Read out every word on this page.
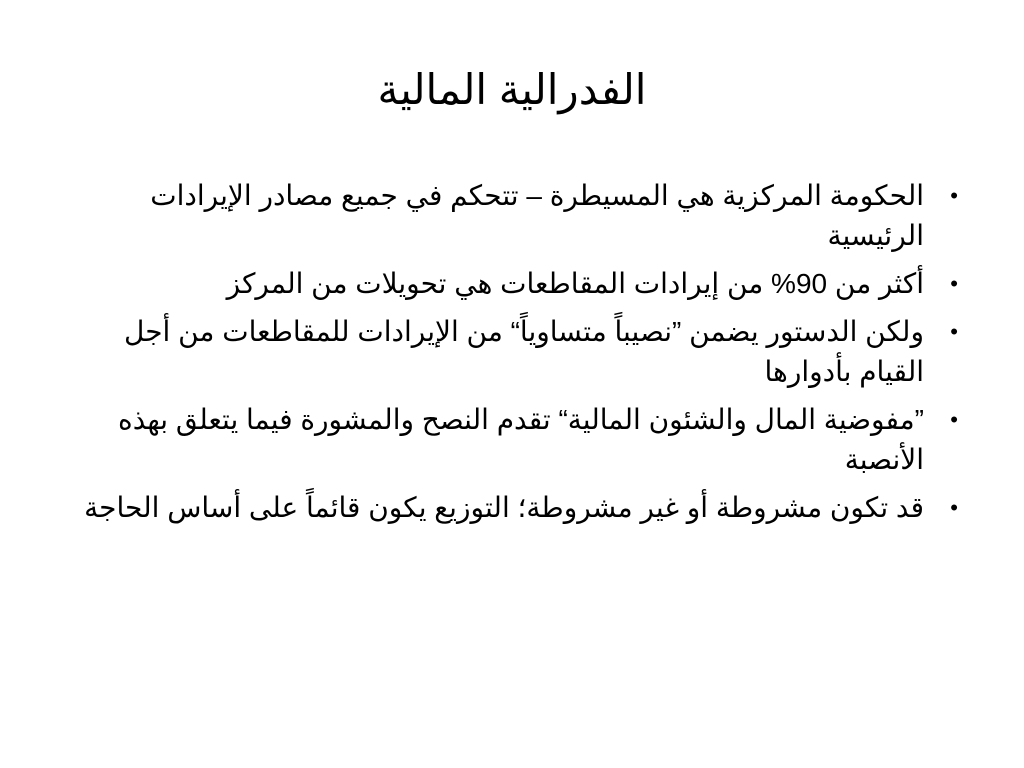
الفدرالية المالية
•
الحكومة المركزية هي المسيطرة – تتحكم في جميع مصادر الإيرادات الرئيسية
•
أكثر من 90% من إيرادات المقاطعات هي تحويلات من المركز
•
ولكن الدستور يضمن ”نصيباً متساوياً“ من الإيرادات للمقاطعات من أجل القيام بأدوارها
•
”مفوضية المال والشئون المالية“ تقدم النصح والمشورة فيما يتعلق بهذه الأنصبة
•
قد تكون مشروطة أو غير مشروطة؛ التوزيع يكون قائماً على أساس الحاجة
